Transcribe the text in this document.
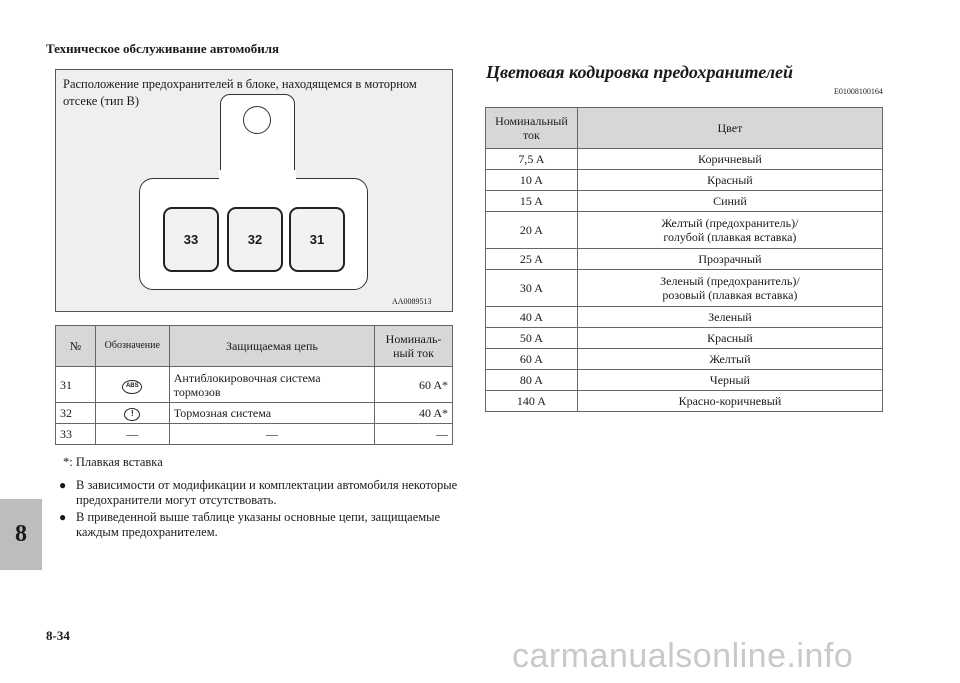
Техническое обслуживание автомобиля
8
8-34
carmanualsonline.info
Расположение предохранителей в блоке, находящемся в моторном отсеке (тип B)
33	32	31
AA0089513
№	Обозначение	Защищаемая цепь	Номиналь-ный ток
31	ABS	Антиблокировочная система тормозов	60 A*
32	!	Тормозная система	40 A*
33	—	—	—
*: Плавкая вставка
● В зависимости от модификации и комплектации автомобиля некоторые предохранители могут отсутствовать.
● В приведенной выше таблице указаны основные цепи, защищаемые каждым предохранителем.
Цветовая кодировка предохранителей
E01008100164
Номинальный ток	Цвет
7,5 A	Коричневый
10 A	Красный
15 A	Синий
20 A	Желтый (предохранитель)/ голубой (плавкая вставка)
25 A	Прозрачный
30 A	Зеленый (предохранитель)/ розовый (плавкая вставка)
40 A	Зеленый
50 A	Красный
60 A	Желтый
80 A	Черный
140 A	Красно-коричневый
